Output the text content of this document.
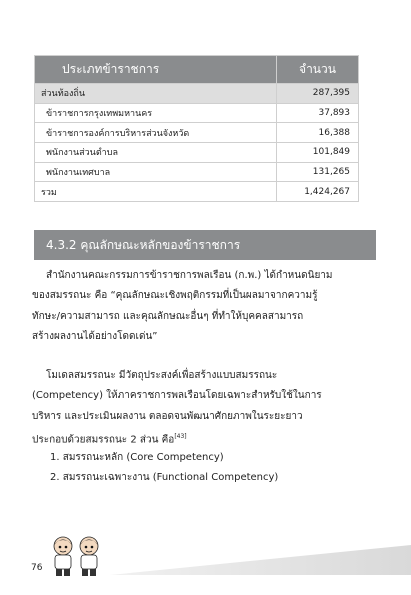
ประเภทข้าราชการ	จำนวน
ส่วนท้องถิ่น	287,395
ข้าราชการกรุงเทพมหานคร	37,893
ข้าราชการองค์การบริหารส่วนจังหวัด	16,388
พนักงานส่วนตำบล	101,849
พนักงานเทศบาล	131,265
รวม	1,424,267
4.3.2 คุณลักษณะหลักของข้าราชการ
สำนักงานคณะกรรมการข้าราชการพลเรือน (ก.พ.) ได้กำหนดนิยาม
ของสมรรถนะ คือ “คุณลักษณะเชิงพฤติกรรมที่เป็นผลมาจากความรู้
ทักษะ/ความสามารถ และคุณลักษณะอื่นๆ ที่ทำให้บุคคลสามารถ
สร้างผลงานได้อย่างโดดเด่น”
โมเดลสมรรถนะ มีวัตถุประสงค์เพื่อสร้างแบบสมรรถนะ
(Competency) ให้ภาคราชการพลเรือนโดยเฉพาะสำหรับใช้ในการ
บริหาร และประเมินผลงาน ตลอดจนพัฒนาศักยภาพในระยะยาว
ประกอบด้วยสมรรถนะ 2 ส่วน คือ[43]
1. สมรรถนะหลัก (Core Competency)
2. สมรรถนะเฉพาะงาน (Functional Competency)
76
